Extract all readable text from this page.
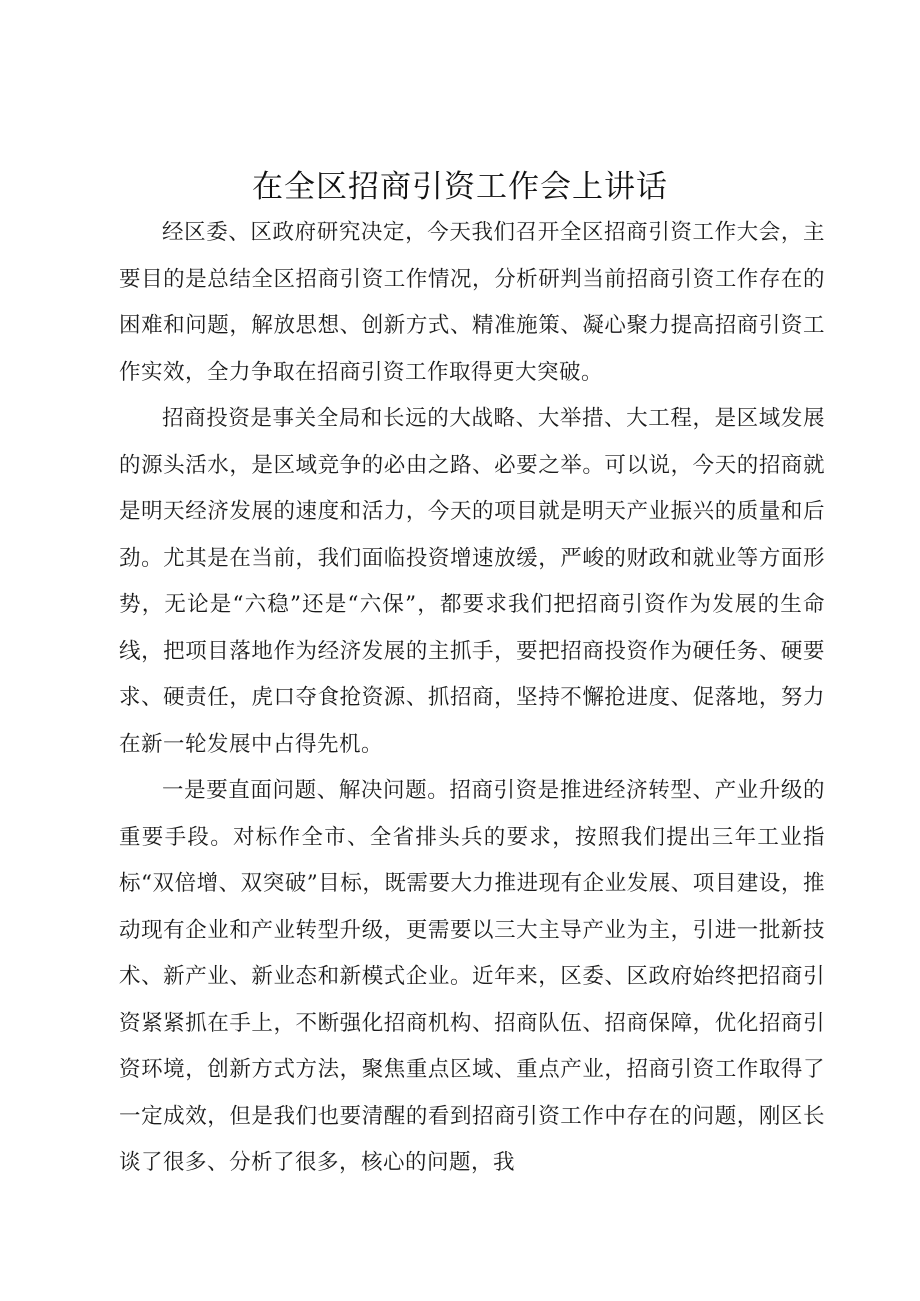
在全区招商引资工作会上讲话

经区委、区政府研究决定，今天我们召开全区招商引资工作大会，主要目的是总结全区招商引资工作情况，分析研判当前招商引资工作存在的困难和问题，解放思想、创新方式、精准施策、凝心聚力提高招商引资工作实效，全力争取在招商引资工作取得更大突破。

招商投资是事关全局和长远的大战略、大举措、大工程，是区域发展的源头活水，是区域竞争的必由之路、必要之举。可以说，今天的招商就是明天经济发展的速度和活力，今天的项目就是明天产业振兴的质量和后劲。尤其是在当前，我们面临投资增速放缓，严峻的财政和就业等方面形势，无论是“六稳”还是“六保”，都要求我们把招商引资作为发展的生命线，把项目落地作为经济发展的主抓手，要把招商投资作为硬任务、硬要求、硬责任，虎口夺食抢资源、抓招商，坚持不懈抢进度、促落地，努力在新一轮发展中占得先机。

一是要直面问题、解决问题。招商引资是推进经济转型、产业升级的重要手段。对标作全市、全省排头兵的要求，按照我们提出三年工业指标“双倍增、双突破”目标，既需要大力推进现有企业发展、项目建设，推动现有企业和产业转型升级，更需要以三大主导产业为主，引进一批新技术、新产业、新业态和新模式企业。近年来，区委、区政府始终把招商引资紧紧抓在手上，不断强化招商机构、招商队伍、招商保障，优化招商引资环境，创新方式方法，聚焦重点区域、重点产业，招商引资工作取得了一定成效，但是我们也要清醒的看到招商引资工作中存在的问题，刚区长谈了很多、分析了很多，核心的问题，我
